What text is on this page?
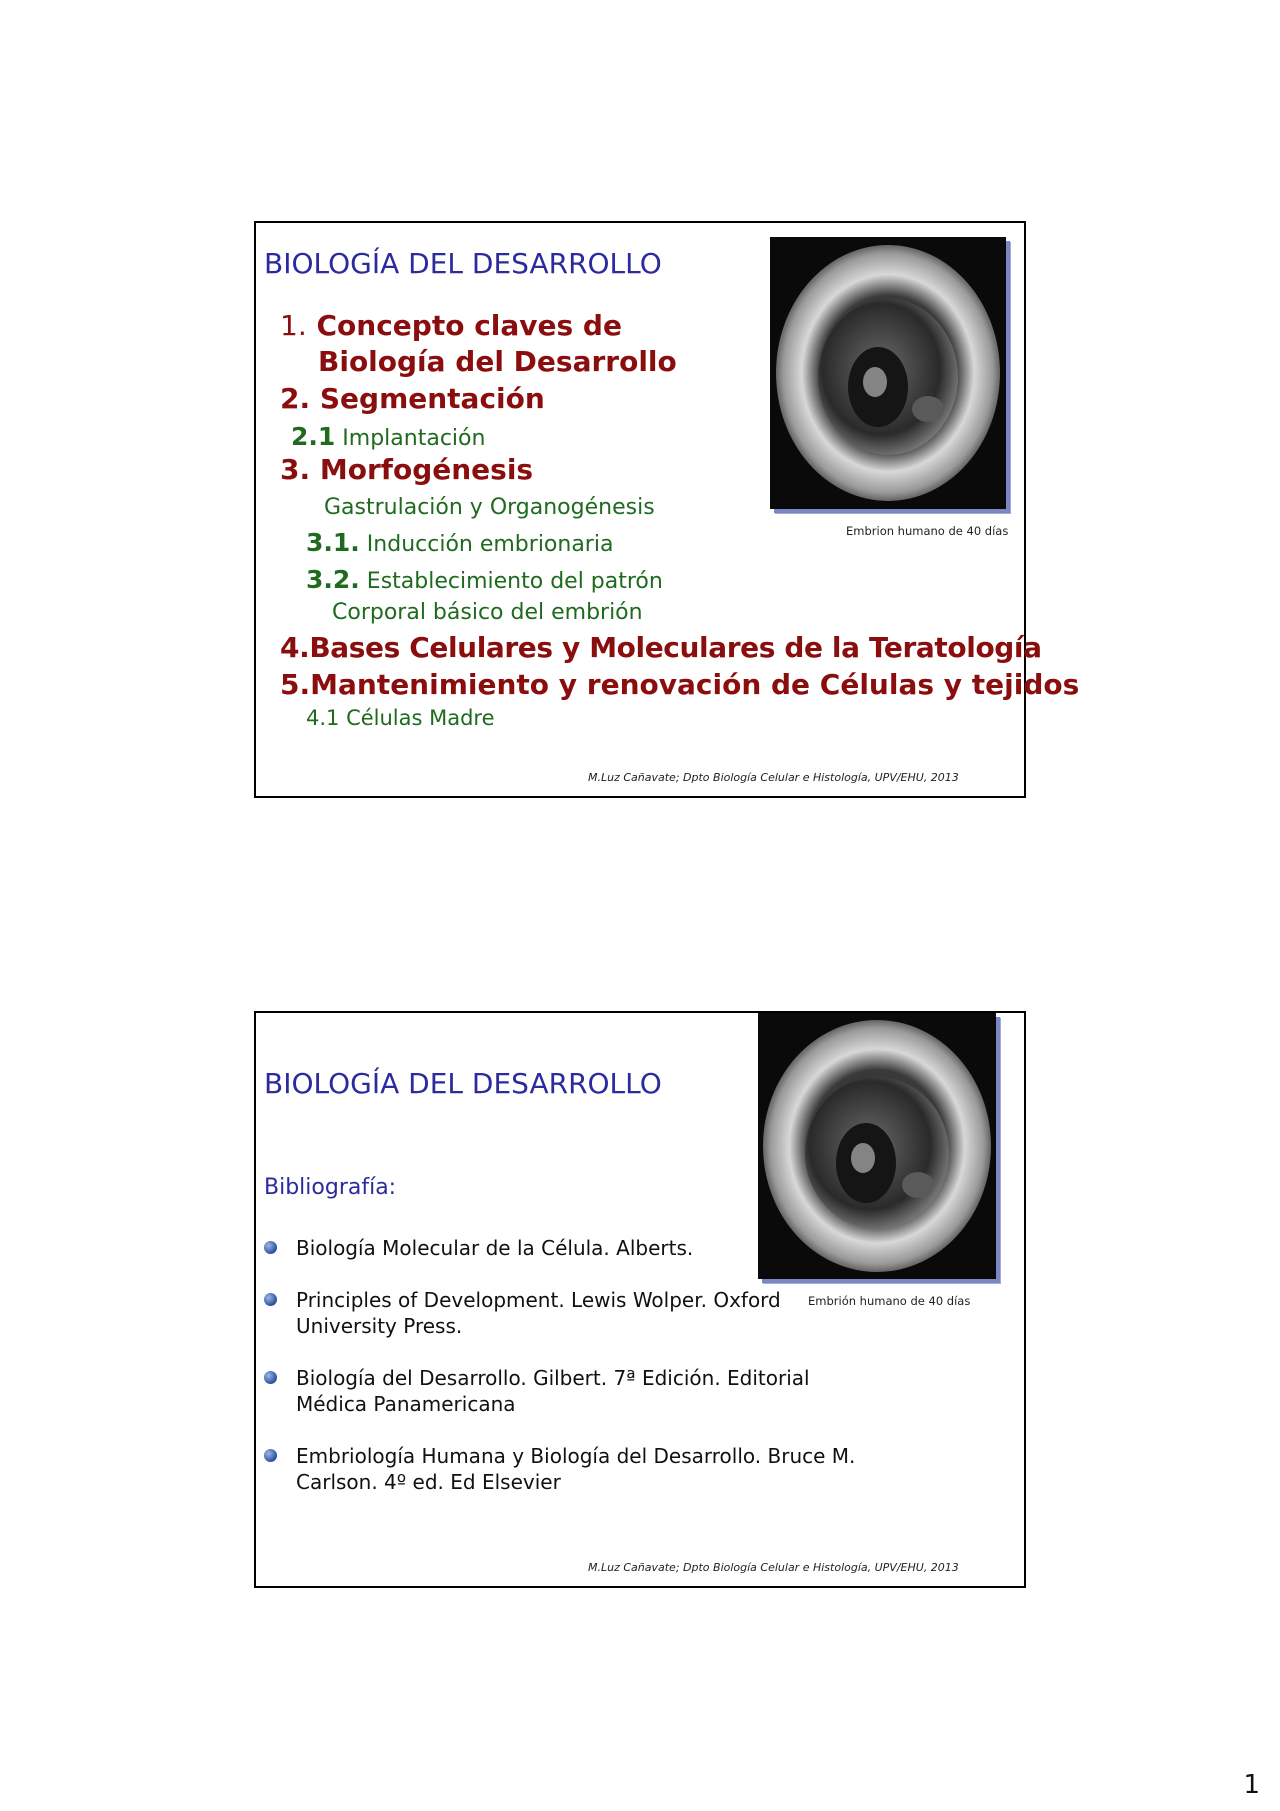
BIOLOGÍA DEL DESARROLLO
1. Concepto claves de
Biología del Desarrollo
2. Segmentación
2.1 Implantación
3. Morfogénesis
Gastrulación y Organogénesis
3.1. Inducción embrionaria
3.2. Establecimiento del patrón
Corporal básico del embrión
4.Bases Celulares y Moleculares de la Teratología
5.Mantenimiento y renovación de Células y tejidos
4.1 Células Madre
Embrion humano de 40 días
M.Luz Cañavate; Dpto Biología Celular e Histología, UPV/EHU, 2013
BIOLOGÍA DEL DESARROLLO
Bibliografía:
Biología Molecular de la Célula. Alberts.
Principles of Development. Lewis Wolper. Oxford
University Press.
Biología del Desarrollo. Gilbert. 7ª Edición. Editorial
Médica Panamericana
Embriología Humana y Biología del Desarrollo. Bruce M.
Carlson. 4º ed. Ed Elsevier
Embrión humano de 40 días
M.Luz Cañavate; Dpto Biología Celular e Histología, UPV/EHU, 2013
1
